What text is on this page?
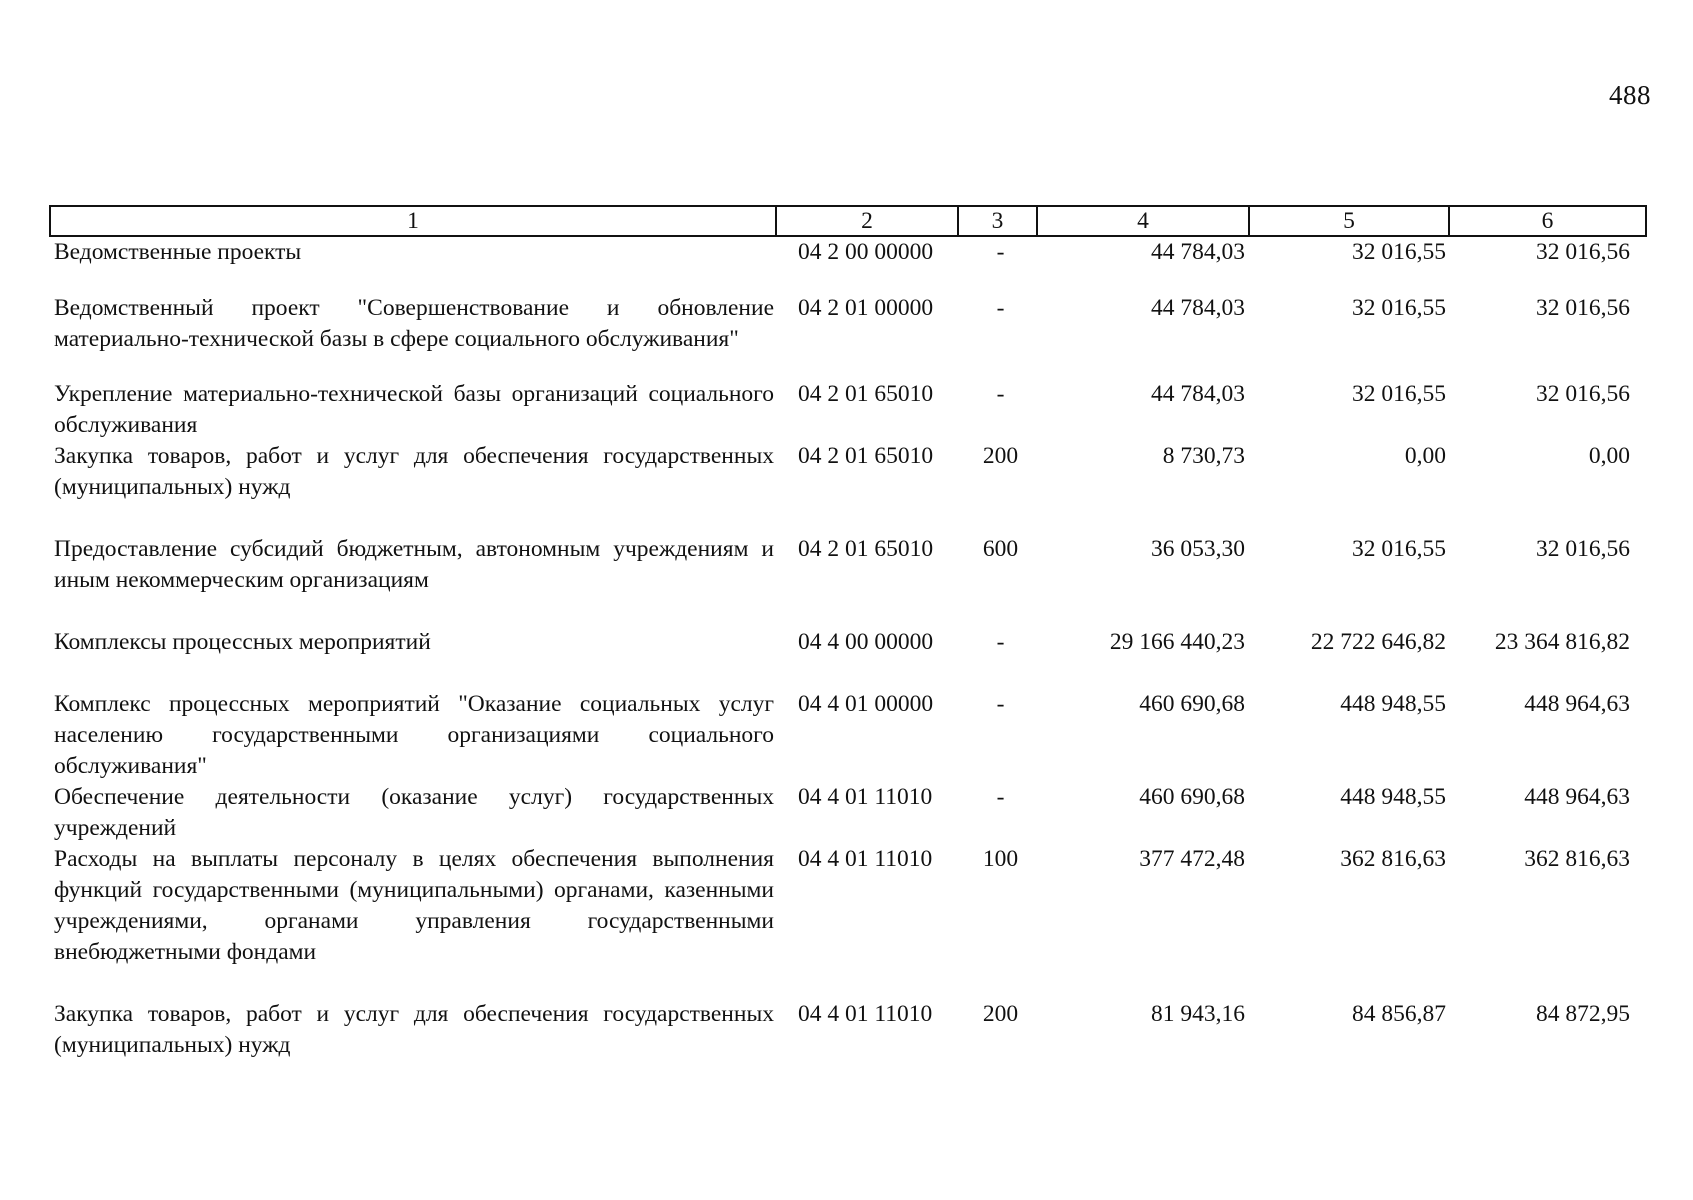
488
1	2	3	4	5	6
Ведомственные проекты	04 2 00 00000	-	44 784,03	32 016,55	32 016,56
Ведомственный проект "Совершенствование и обновление материально-технической базы в сфере социального обслуживания"	04 2 01 00000	-	44 784,03	32 016,55	32 016,56
Укрепление материально-технической базы организаций социального обслуживания	04 2 01 65010	-	44 784,03	32 016,55	32 016,56
Закупка товаров, работ и услуг для обеспечения государственных (муниципальных) нужд	04 2 01 65010	200	8 730,73	0,00	0,00
Предоставление субсидий бюджетным, автономным учреждениям и иным некоммерческим организациям	04 2 01 65010	600	36 053,30	32 016,55	32 016,56
Комплексы процессных мероприятий	04 4 00 00000	-	29 166 440,23	22 722 646,82	23 364 816,82
Комплекс процессных мероприятий "Оказание социальных услуг населению государственными организациями социального обслуживания"	04 4 01 00000	-	460 690,68	448 948,55	448 964,63
Обеспечение деятельности (оказание услуг) государственных учреждений	04 4 01 11010	-	460 690,68	448 948,55	448 964,63
Расходы на выплаты персоналу в целях обеспечения выполнения функций государственными (муниципальными) органами, казенными учреждениями, органами управления государственными внебюджетными фондами	04 4 01 11010	100	377 472,48	362 816,63	362 816,63
Закупка товаров, работ и услуг для обеспечения государственных (муниципальных) нужд	04 4 01 11010	200	81 943,16	84 856,87	84 872,95
